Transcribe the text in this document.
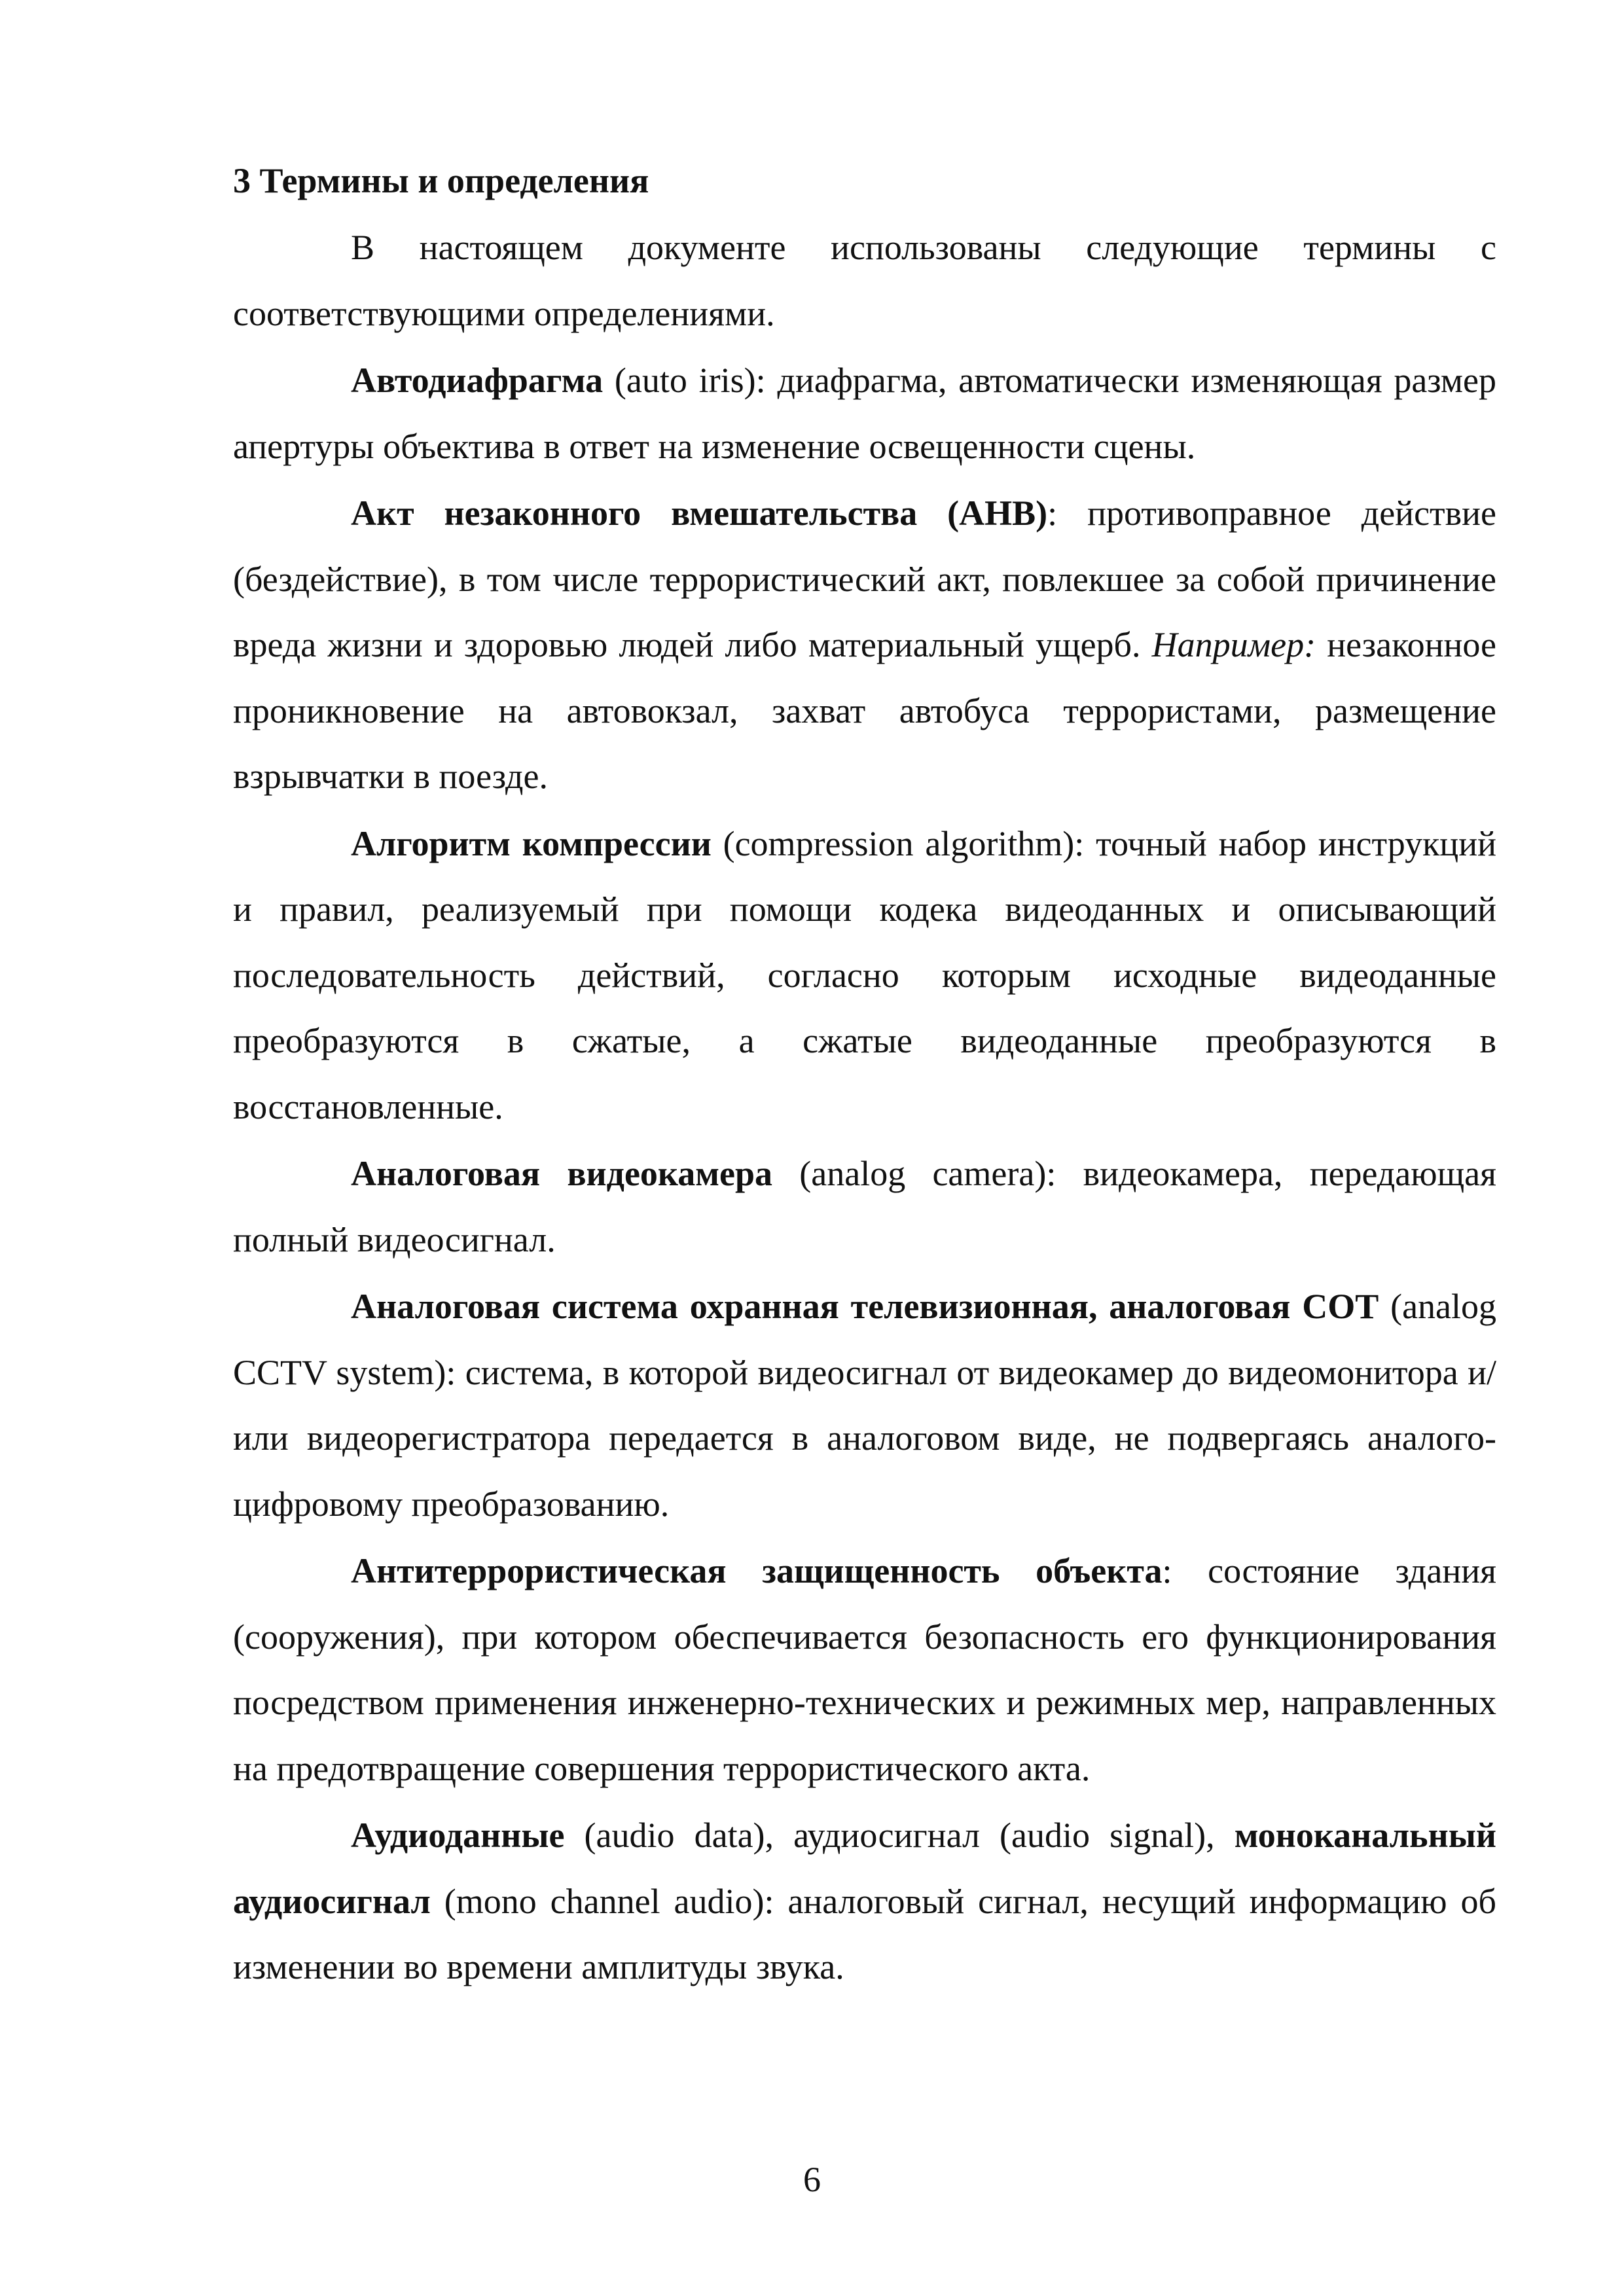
3 Термины и определения

В настоящем документе использованы следующие термины с соответствующими определениями.

Автодиафрагма (auto iris): диафрагма, автоматически изменяющая размер апертуры объектива в ответ на изменение освещенности сцены.

Акт незаконного вмешательства (АНВ): противоправное действие (бездействие), в том числе террористический акт, повлекшее за собой причинение вреда жизни и здоровью людей либо материальный ущерб. Например: незаконное проникновение на автовокзал, захват автобуса террористами, размещение взрывчатки в поезде.

Алгоритм компрессии (compression algorithm): точный набор инструкций и правил, реализуемый при помощи кодека видеоданных и описывающий последовательность действий, согласно которым исходные видеоданные преобразуются в сжатые, а сжатые видеоданные преобразуются в восстановленные.

Аналоговая видеокамера (analog camera): видеокамера, передающая полный видеосигнал.

Аналоговая система охранная телевизионная, аналоговая СОТ (analog CCTV system): система, в которой видеосигнал от видеокамер до видеомонитора и/или видеорегистратора передается в аналоговом виде, не подвергаясь аналого-цифровому преобразованию.

Антитеррористическая защищенность объекта: состояние здания (сооружения), при котором обеспечивается безопасность его функционирования посредством применения инженерно-технических и режимных мер, направленных на предотвращение совершения террористического акта.

Аудиоданные (audio data), аудиосигнал (audio signal), моноканальный аудиосигнал (mono channel audio): аналоговый сигнал, несущий информацию об изменении во времени амплитуды звука.

6
